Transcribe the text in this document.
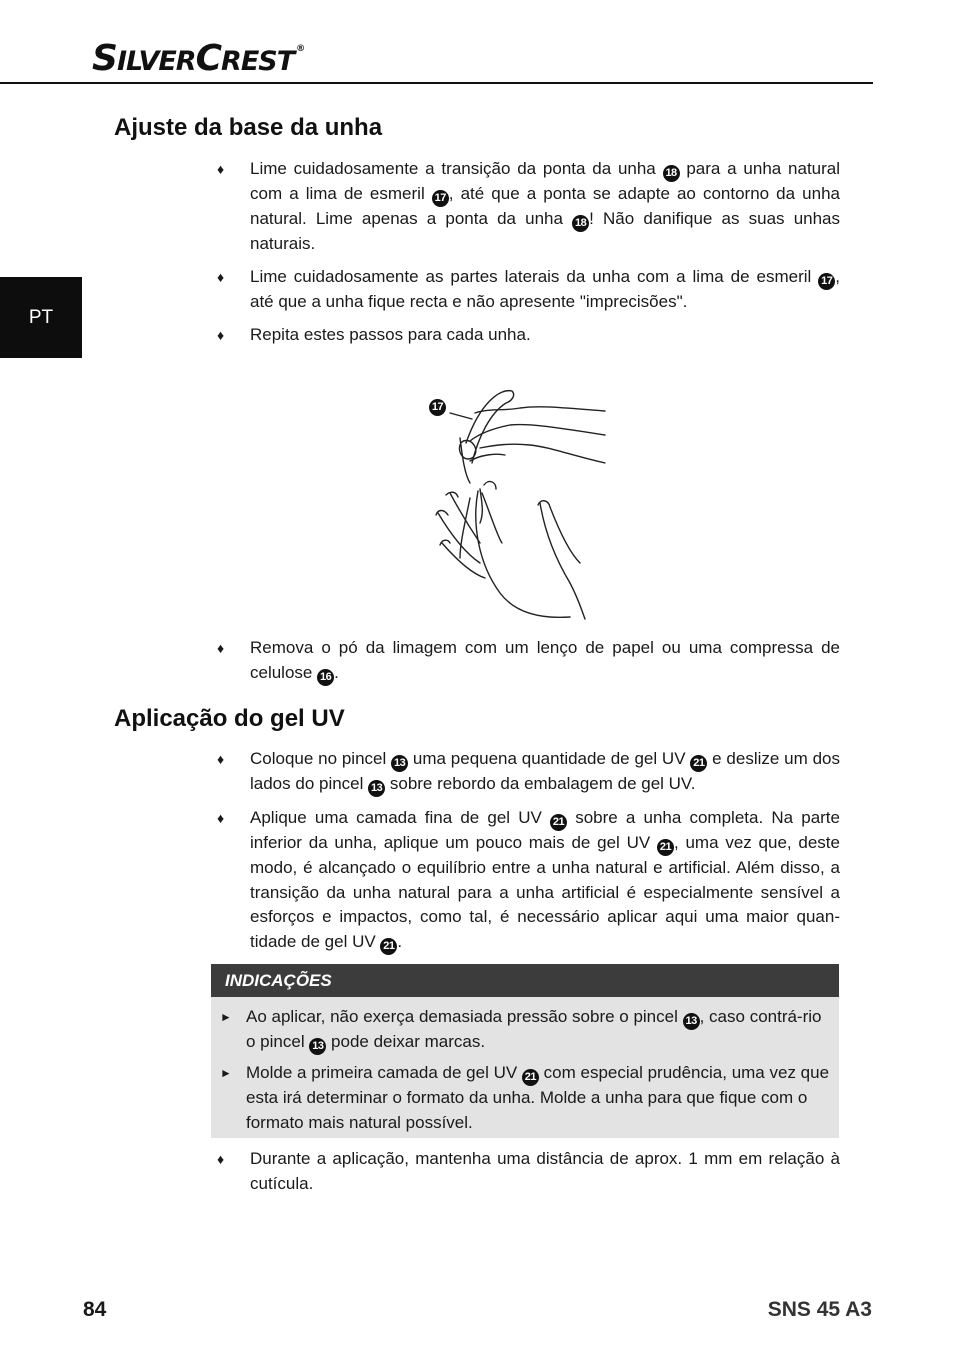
SILVERCREST ®
PT
Ajuste da base da unha
♦ Lime cuidadosamente a transição da ponta da unha 18 para a unha natural com a lima de esmeril 17 , até que a ponta se adapte ao contorno da unha natural. Lime apenas a ponta da unha 18 ! Não danifique as suas unhas naturais.
♦ Lime cuidadosamente as partes laterais da unha com a lima de esmeril 17 , até que a unha fique recta e não apresente "imprecisões".
♦ Repita estes passos para cada unha.
17
♦ Remova o pó da limagem com um lenço de papel ou uma compressa de celulose 16 .
Aplicação do gel UV
♦ Coloque no pincel 13 uma pequena quantidade de gel UV 21 e deslize um dos lados do pincel 13 sobre rebordo da embalagem de gel UV.
♦ Aplique uma camada fina de gel UV 21 sobre a unha completa. Na parte inferior da unha, aplique um pouco mais de gel UV 21 , uma vez que, deste modo, é alcançado o equilíbrio entre a unha natural e artificial. Além disso, a transição da unha natural para a unha artificial é especialmente sensível a esforços e impactos, como tal, é necessário aplicar aqui uma maior quan-tidade de gel UV 21 .
INDICAÇÕES
► Ao aplicar, não exerça demasiada pressão sobre o pincel 13 , caso contrá-rio o pincel 13 pode deixar marcas.
► Molde a primeira camada de gel UV 21 com especial prudência, uma vez que esta irá determinar o formato da unha. Molde a unha para que fique com o formato mais natural possível.
♦ Durante a aplicação, mantenha uma distância de aprox. 1 mm em relação à cutícula.
84	SNS 45 A3
